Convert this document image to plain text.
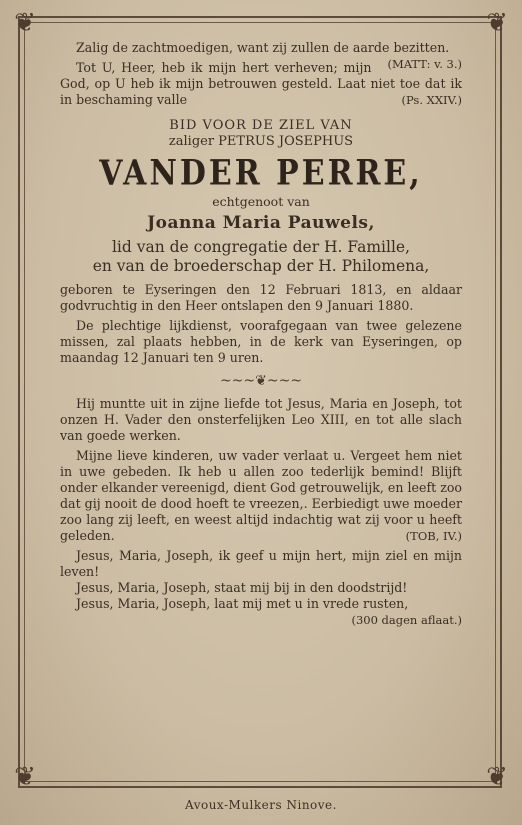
❦	❦
❦	❦

Zalig de zachtmoedigen, want zij zullen de aarde bezitten.
(MATT: v. 3.)

Tot U, Heer, heb ik mijn hert verheven; mijn God, op U heb ik mijn betrouwen gesteld. Laat niet toe dat ik in beschaming valle	(Ps. XXIV.)

BID VOOR DE ZIEL VAN

zaliger PETRUS JOSEPHUS

VANDER PERRE,

echtgenoot van

Joanna Maria Pauwels,

lid van de congregatie der H. Famille,

en van de broederschap der H. Philomena,

geboren te Eyseringen den 12 Februari 1813, en aldaar godvruchtig in den Heer ontslapen den 9 Januari 1880.

De plechtige lijkdienst, voorafgegaan van twee gelezene missen, zal plaats hebben, in de kerk van Eyseringen, op maandag 12 Januari ten 9 uren.

~~~❦~~~

Hij muntte uit in zijne liefde tot Jesus, Maria en Joseph, tot onzen H. Vader den onsterfelijken Leo XIII, en tot alle slach van goede werken.

Mijne lieve kinderen, uw vader verlaat u. Vergeet hem niet in uwe gebeden. Ik heb u allen zoo tederlijk bemind! Blijft onder elkander vereenigd, dient God getrouwelijk, en leeft zoo dat gij nooit de dood hoeft te vreezen,. Eerbiedigt uwe moeder zoo lang zij leeft, en weest altijd indachtig wat zij voor u heeft geleden.	(TOB, IV.)

Jesus, Maria, Joseph, ik geef u mijn hert, mijn ziel en mijn leven!

Jesus, Maria, Joseph, staat mij bij in den doodstrijd!

Jesus, Maria, Joseph, laat mij met u in vrede rusten,
(300 dagen aflaat.)

Avoux-Mulkers Ninove.
